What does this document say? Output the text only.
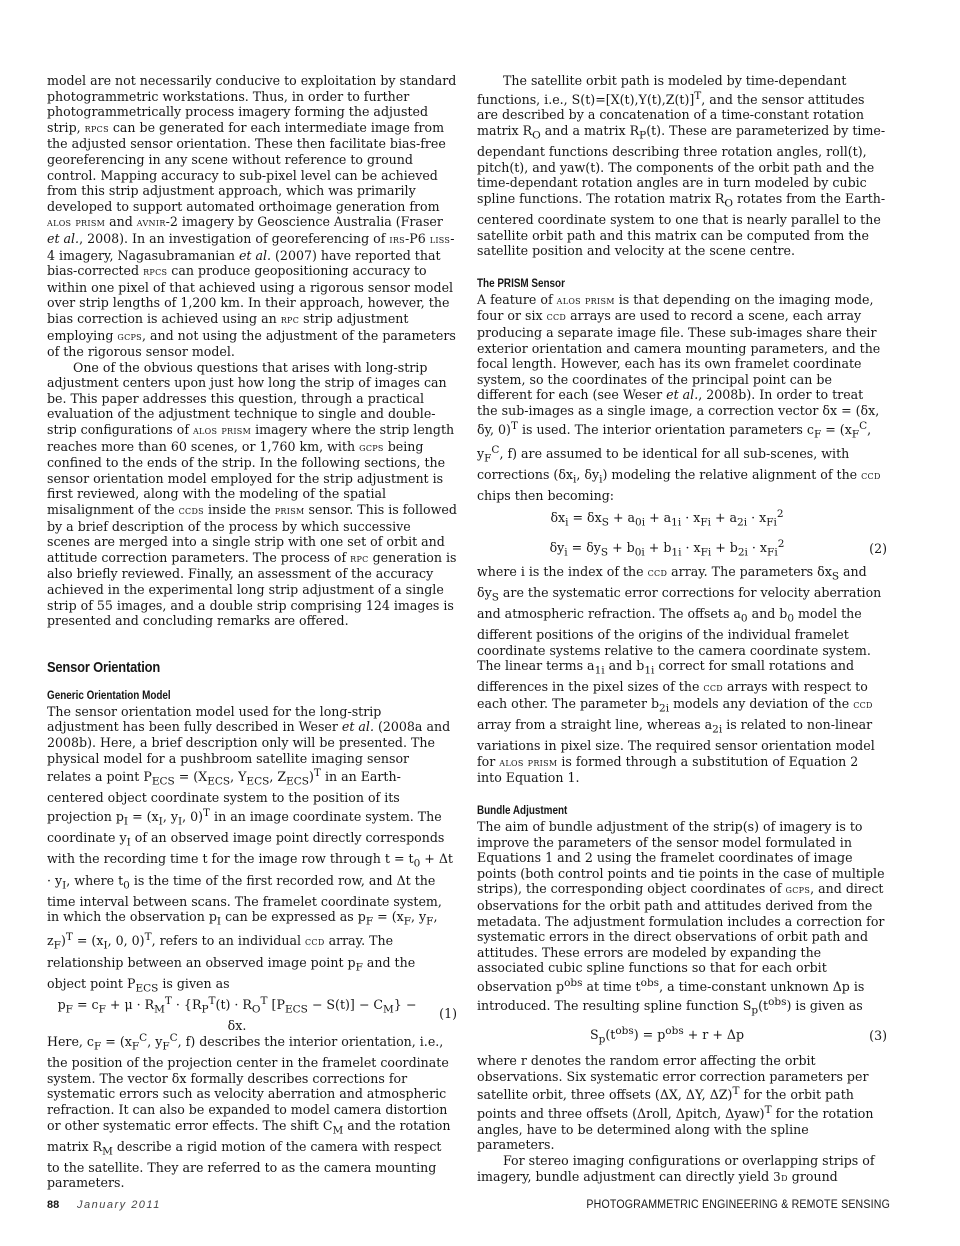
model are not necessarily conducive to exploitation by standard photogrammetric workstations. Thus, in order to further photogrammetrically process imagery forming the adjusted strip, rpcs can be generated for each intermediate image from the adjusted sensor orientation. These then facilitate bias-free georeferencing in any scene without reference to ground control. Mapping accuracy to sub-pixel level can be achieved from this strip adjustment approach, which was primarily developed to support automated orthoimage generation from alos prism and avnir-2 imagery by Geoscience Australia (Fraser et al., 2008). In an investigation of georeferencing of irs-P6 liss-4 imagery, Nagasubramanian et al. (2007) have reported that bias-corrected rpcs can produce geopositioning accuracy to within one pixel of that achieved using a rigorous sensor model over strip lengths of 1,200 km. In their approach, however, the bias correction is achieved using an rpc strip adjustment employing gcps, and not using the adjustment of the parameters of the rigorous sensor model.

One of the obvious questions that arises with long-strip adjustment centers upon just how long the strip of images can be. This paper addresses this question, through a practical evaluation of the adjustment technique to single and double-strip configurations of alos prism imagery where the strip length reaches more than 60 scenes, or 1,760 km, with gcps being confined to the ends of the strip. In the following sections, the sensor orientation model employed for the strip adjustment is first reviewed, along with the modeling of the spatial misalignment of the ccds inside the prism sensor. This is followed by a brief description of the process by which successive scenes are merged into a single strip with one set of orbit and attitude correction parameters. The process of rpc generation is also briefly reviewed. Finally, an assessment of the accuracy achieved in the experimental long strip adjustment of a single strip of 55 images, and a double strip comprising 124 images is presented and concluding remarks are offered.

Sensor Orientation
Generic Orientation Model

The sensor orientation model used for the long-strip adjustment has been fully described in Weser et al. (2008a and 2008b). Here, a brief description only will be presented. The physical model for a pushbroom satellite imaging sensor relates a point $P_{ECS} = (X_{ECS}$, $Y_{ECS}$, $Z_{ECS})^T$ in an Earth-centered object coordinate system to the position of its projection $p_I = (x_I$, $y_I$, 0)$^T$ in an image coordinate system. The coordinate $y_I$ of an observed image point directly corresponds with the recording time t for the image row through $t = t_0 + \Delta t \cdot y_I$, where $t_0$ is the time of the first recorded row, and Δt the time interval between scans. The framelet coordinate system, in which the observation $p_I$ can be expressed as $p_F = (x_F$, $y_F$, $z_F)^T = (x_I$, 0, 0)$^T$, refers to an individual ccd array. The relationship between an observed image point $p_F$ and the object point $P_{ECS}$ is given as

$p_F = c_F + \mu \cdot R_M^T \cdot \{R_P^T(t) \cdot R_O^T$ $[P_{ECS} - S(t)] - C_M\} - \delta x$.
(1)

Here, $c_F = (x_F^C$, $y_F^C$, f) describes the interior orientation, i.e., the position of the projection center in the framelet coordinate system. The vector δx formally describes corrections for systematic errors such as velocity aberration and atmospheric refraction. It can also be expanded to model camera distortion or other systematic error effects. The shift $C_M$ and the rotation matrix $R_M$ describe a rigid motion of the camera with respect to the satellite. They are referred to as the camera mounting parameters.

The satellite orbit path is modeled by time-dependant functions, i.e., $S(t)=[X(t),Y(t),Z(t)]^T$, and the sensor attitudes are described by a concatenation of a time-constant rotation matrix $R_O$ and a matrix $R_P(t)$. These are parameterized by time-dependant functions describing three rotation angles, roll(t), pitch(t), and yaw(t). The components of the orbit path and the time-dependant rotation angles are in turn modeled by cubic spline functions. The rotation matrix $R_O$ rotates from the Earth-centered coordinate system to one that is nearly parallel to the satellite orbit path and this matrix can be computed from the satellite position and velocity at the scene centre.

The PRISM Sensor

A feature of alos prism is that depending on the imaging mode, four or six ccd arrays are used to record a scene, each array producing a separate image file. These sub-images share their exterior orientation and camera mounting parameters, and the focal length. However, each has its own framelet coordinate system, so the coordinates of the principal point can be different for each (see Weser et al., 2008b). In order to treat the sub-images as a single image, a correction vector δx = (δx, δy, 0)$^T$ is used. The interior orientation parameters $c_F = (x_F^C$, $y_F^C$, f) are assumed to be identical for all sub-scenes, with corrections ($\delta x_i$, $\delta y_i$) modeling the relative alignment of the ccd chips then becoming:

$\delta x_i = \delta x_S + a_{0i} + a_{1i} \cdot x_{Fi} + a_{2i} \cdot x_{Fi}^2$
$\delta y_i = \delta y_S + b_{0i} + b_{1i} \cdot x_{Fi} + b_{2i} \cdot x_{Fi}^2$	(2)

where i is the index of the ccd array. The parameters $\delta x_S$ and $\delta y_S$ are the systematic error corrections for velocity aberration and atmospheric refraction. The offsets $a_0$ and $b_0$ model the different positions of the origins of the individual framelet coordinate systems relative to the camera coordinate system. The linear terms $a_{1i}$ and $b_{1i}$ correct for small rotations and differences in the pixel sizes of the ccd arrays with respect to each other. The parameter $b_{2i}$ models any deviation of the ccd array from a straight line, whereas $a_{2i}$ is related to non-linear variations in pixel size. The required sensor orientation model for alos prism is formed through a substitution of Equation 2 into Equation 1.

Bundle Adjustment

The aim of bundle adjustment of the strip(s) of imagery is to improve the parameters of the sensor model formulated in Equations 1 and 2 using the framelet coordinates of image points (both control points and tie points in the case of multiple strips), the corresponding object coordinates of gcps, and direct observations for the orbit path and attitudes derived from the metadata. The adjustment formulation includes a correction for systematic errors in the direct observations of orbit path and attitudes. These errors are modeled by expanding the associated cubic spline functions so that for each orbit observation $p^{obs}$ at time $t^{obs}$, a time-constant unknown Δp is introduced. The resulting spline function $S_p(t^{obs})$ is given as

$S_p(t^{obs}) = p^{obs} + r + \Delta p$	(3)

where r denotes the random error affecting the orbit observations. Six systematic error correction parameters per satellite orbit, three offsets (ΔX, ΔY, ΔZ)$^T$ for the orbit path points and three offsets (Δroll, Δpitch, Δyaw)$^T$ for the rotation angles, have to be determined along with the spline parameters.

For stereo imaging configurations or overlapping strips of imagery, bundle adjustment can directly yield 3d ground

88 January 2011	PHOTOGRAMMETRIC ENGINEERING & REMOTE SENSING
